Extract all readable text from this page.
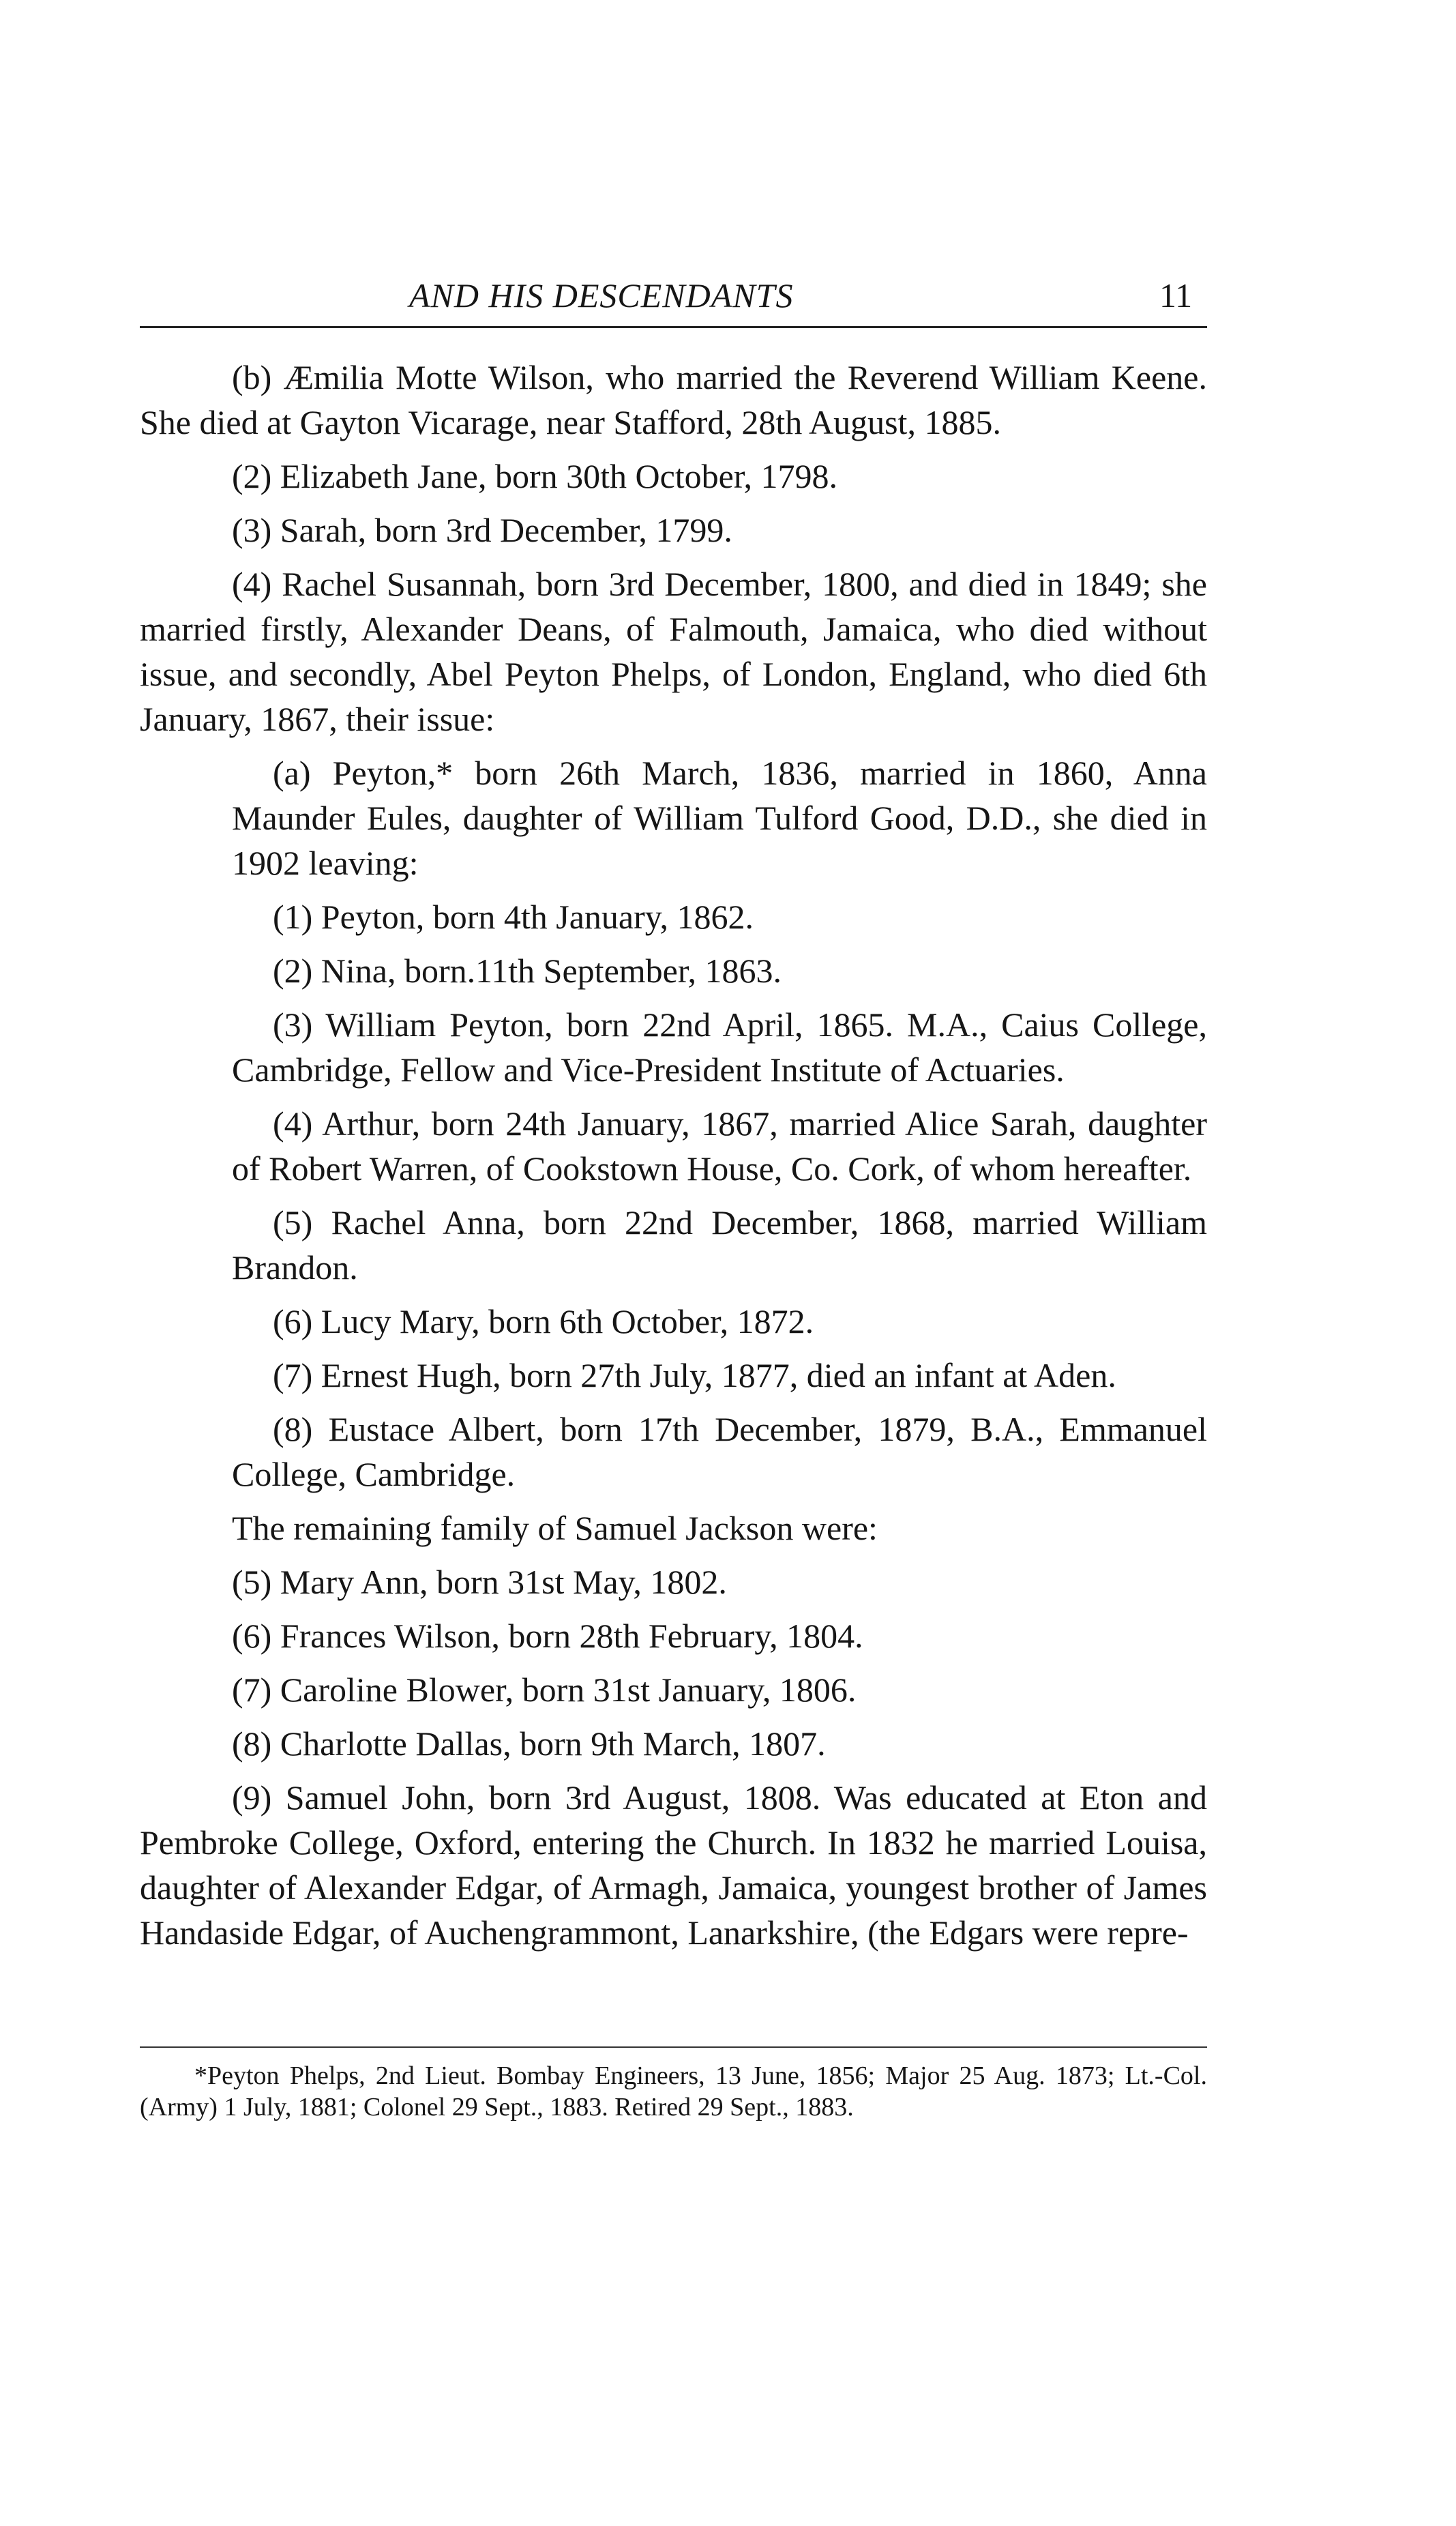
AND HIS DESCENDANTS	11

(b) Æmilia Motte Wilson, who married the Reverend William Keene. She died at Gayton Vicarage, near Stafford, 28th August, 1885.

(2) Elizabeth Jane, born 30th October, 1798.

(3) Sarah, born 3rd December, 1799.

(4) Rachel Susannah, born 3rd December, 1800, and died in 1849; she married firstly, Alexander Deans, of Falmouth, Jamaica, who died without issue, and secondly, Abel Peyton Phelps, of London, England, who died 6th January, 1867, their issue:

(a) Peyton,* born 26th March, 1836, married in 1860, Anna Maunder Eules, daughter of William Tulford Good, D.D., she died in 1902 leaving:

(1) Peyton, born 4th January, 1862.

(2) Nina, born.11th September, 1863.

(3) William Peyton, born 22nd April, 1865. M.A., Caius College, Cambridge, Fellow and Vice-President Institute of Actuaries.

(4) Arthur, born 24th January, 1867, married Alice Sarah, daughter of Robert Warren, of Cookstown House, Co. Cork, of whom hereafter.

(5) Rachel Anna, born 22nd December, 1868, married William Brandon.

(6) Lucy Mary, born 6th October, 1872.

(7) Ernest Hugh, born 27th July, 1877, died an infant at Aden.

(8) Eustace Albert, born 17th December, 1879, B.A., Emmanuel College, Cambridge.

The remaining family of Samuel Jackson were:

(5) Mary Ann, born 31st May, 1802.

(6) Frances Wilson, born 28th February, 1804.

(7) Caroline Blower, born 31st January, 1806.

(8) Charlotte Dallas, born 9th March, 1807.

(9) Samuel John, born 3rd August, 1808. Was educated at Eton and Pembroke College, Oxford, entering the Church. In 1832 he married Louisa, daughter of Alexander Edgar, of Armagh, Jamaica, youngest brother of James Handaside Edgar, of Auchengrammont, Lanarkshire, (the Edgars were repre-

*Peyton Phelps, 2nd Lieut. Bombay Engineers, 13 June, 1856; Major 25 Aug. 1873; Lt.-Col. (Army) 1 July, 1881; Colonel 29 Sept., 1883. Retired 29 Sept., 1883.
